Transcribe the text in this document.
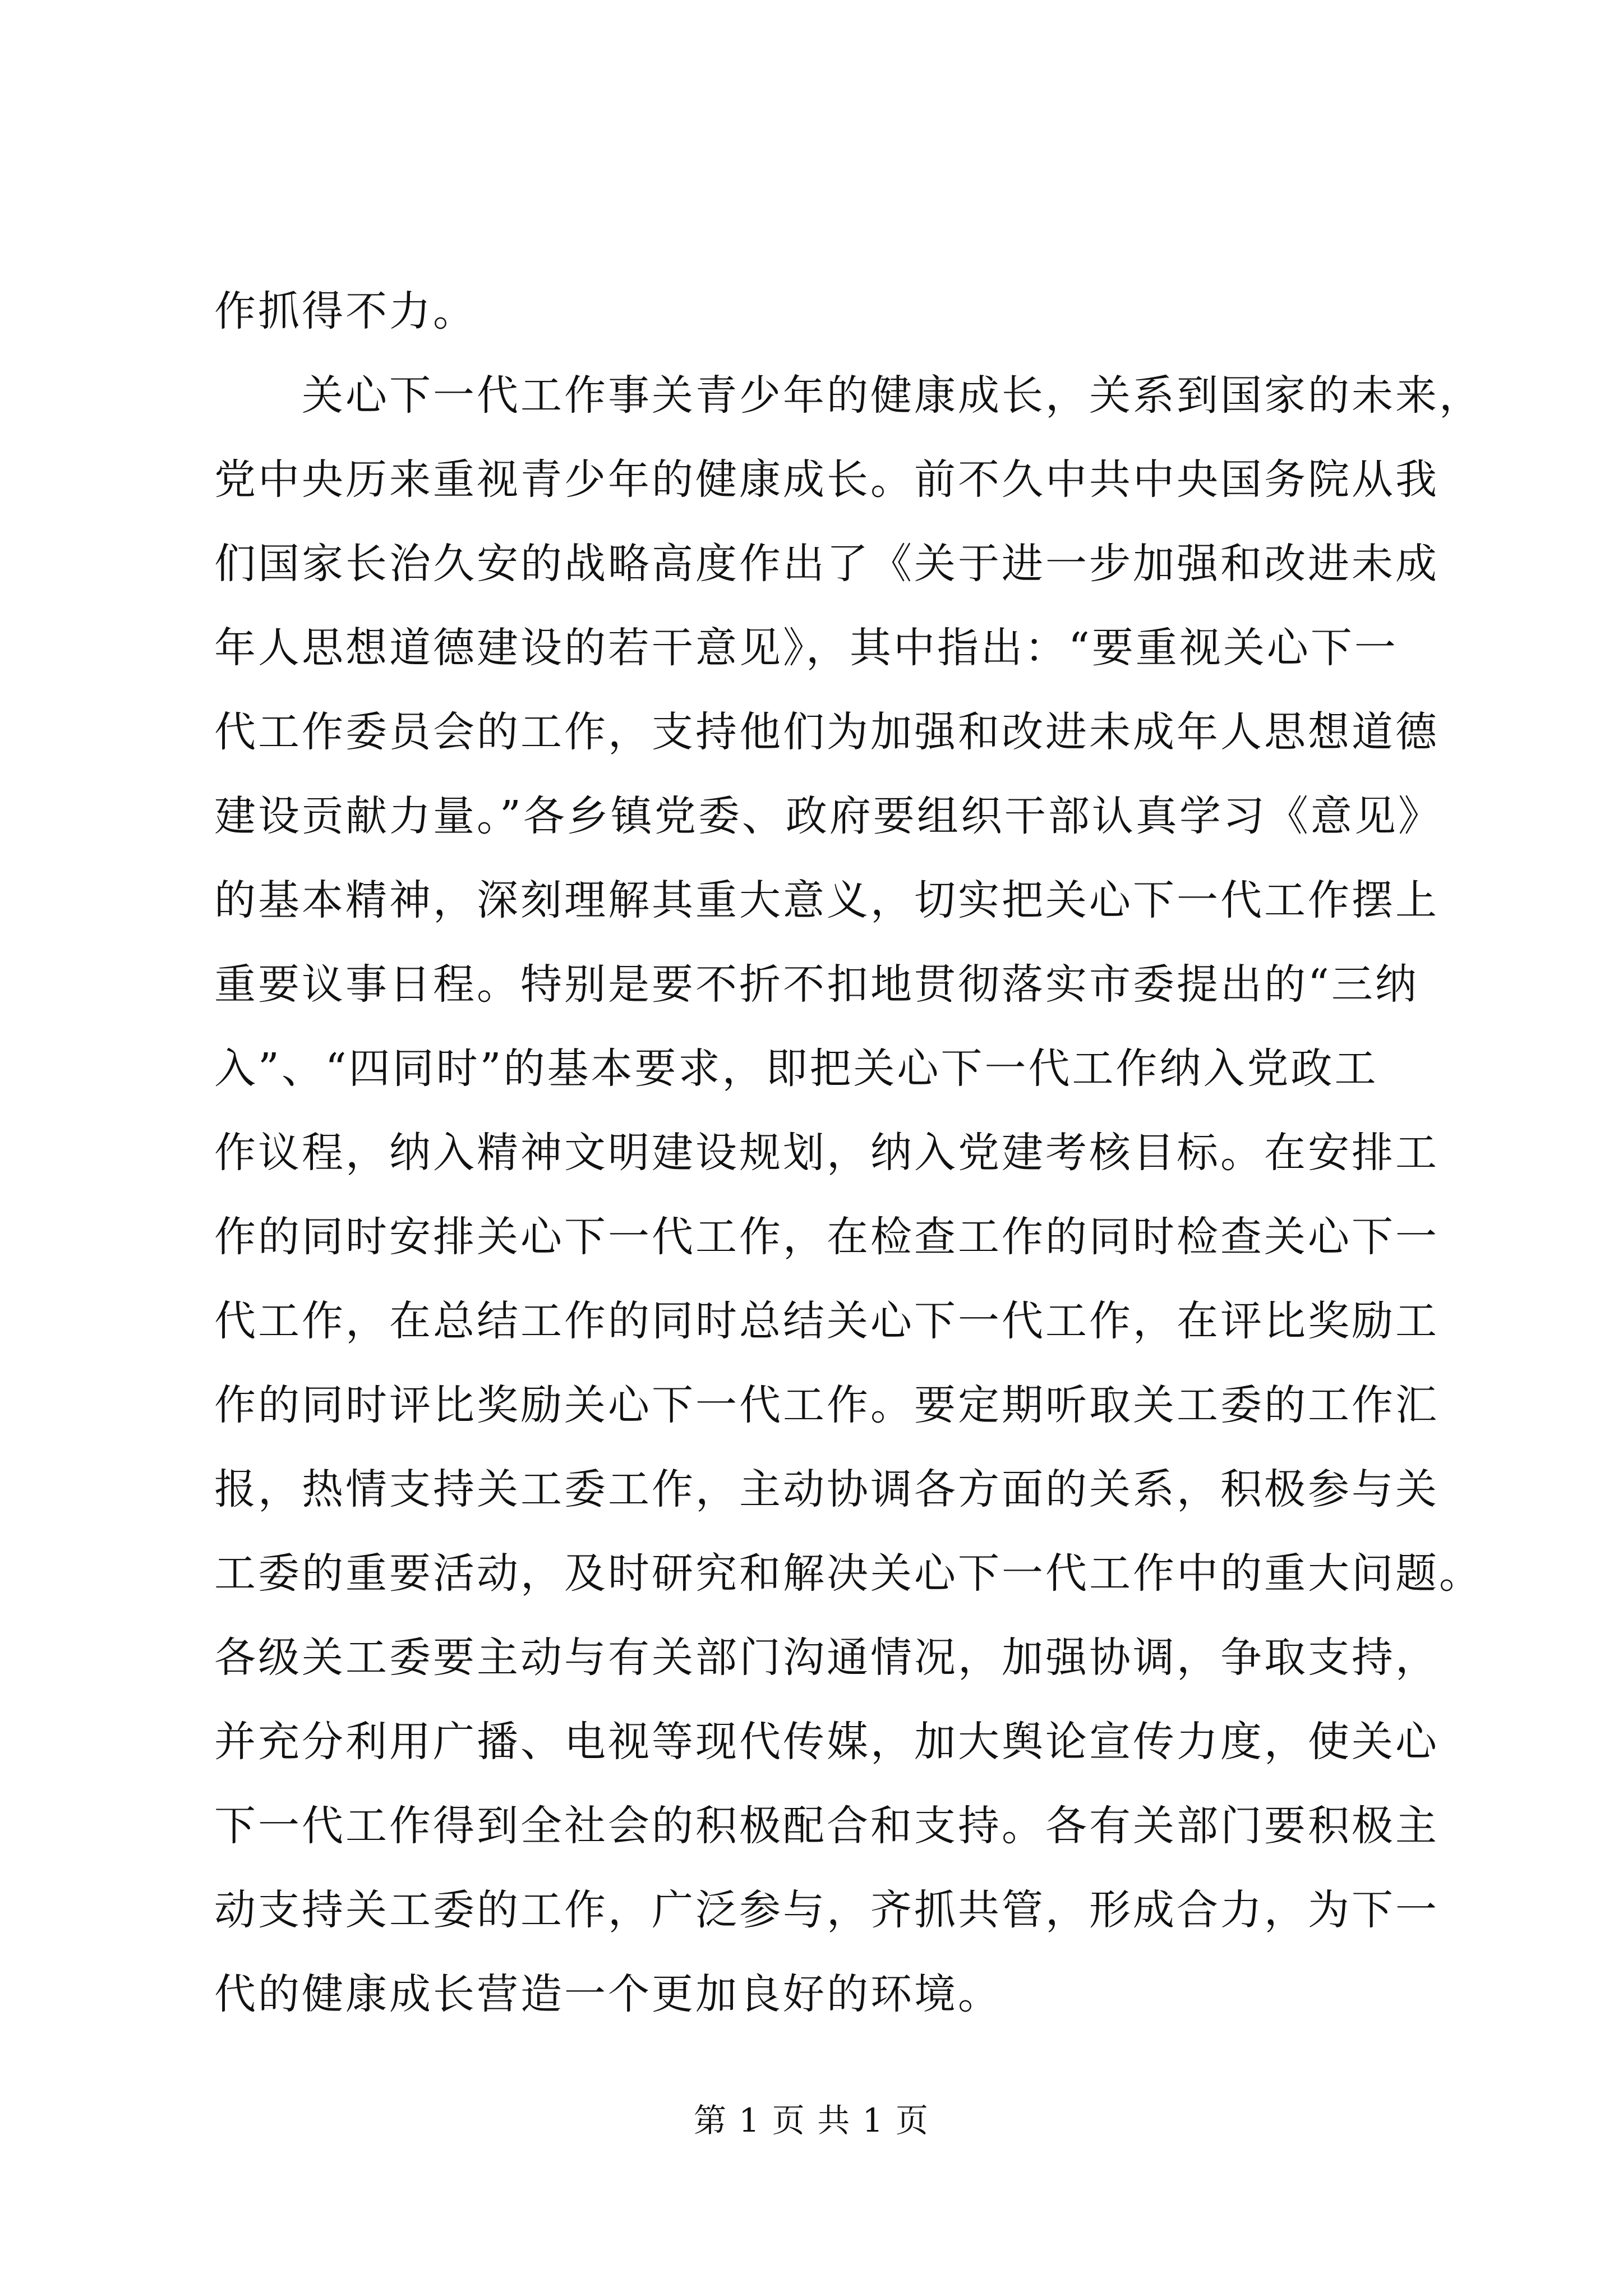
作抓得不力。
　　关心下一代工作事关青少年的健康成长，关系到国家的未来，
党中央历来重视青少年的健康成长。前不久中共中央国务院从我
们国家长治久安的战略高度作出了《关于进一步加强和改进未成
年人思想道德建设的若干意见》，其中指出：“要重视关心下一
代工作委员会的工作，支持他们为加强和改进未成年人思想道德
建设贡献力量。”各乡镇党委、政府要组织干部认真学习《意见》
的基本精神，深刻理解其重大意义，切实把关心下一代工作摆上
重要议事日程。特别是要不折不扣地贯彻落实市委提出的“三纳
入”、“四同时”的基本要求，即把关心下一代工作纳入党政工
作议程，纳入精神文明建设规划，纳入党建考核目标。在安排工
作的同时安排关心下一代工作，在检查工作的同时检查关心下一
代工作，在总结工作的同时总结关心下一代工作，在评比奖励工
作的同时评比奖励关心下一代工作。要定期听取关工委的工作汇
报，热情支持关工委工作，主动协调各方面的关系，积极参与关
工委的重要活动，及时研究和解决关心下一代工作中的重大问题。
各级关工委要主动与有关部门沟通情况，加强协调，争取支持，
并充分利用广播、电视等现代传媒，加大舆论宣传力度，使关心
下一代工作得到全社会的积极配合和支持。各有关部门要积极主
动支持关工委的工作，广泛参与，齐抓共管，形成合力，为下一
代的健康成长营造一个更加良好的环境。
第 1 页 共 1 页
